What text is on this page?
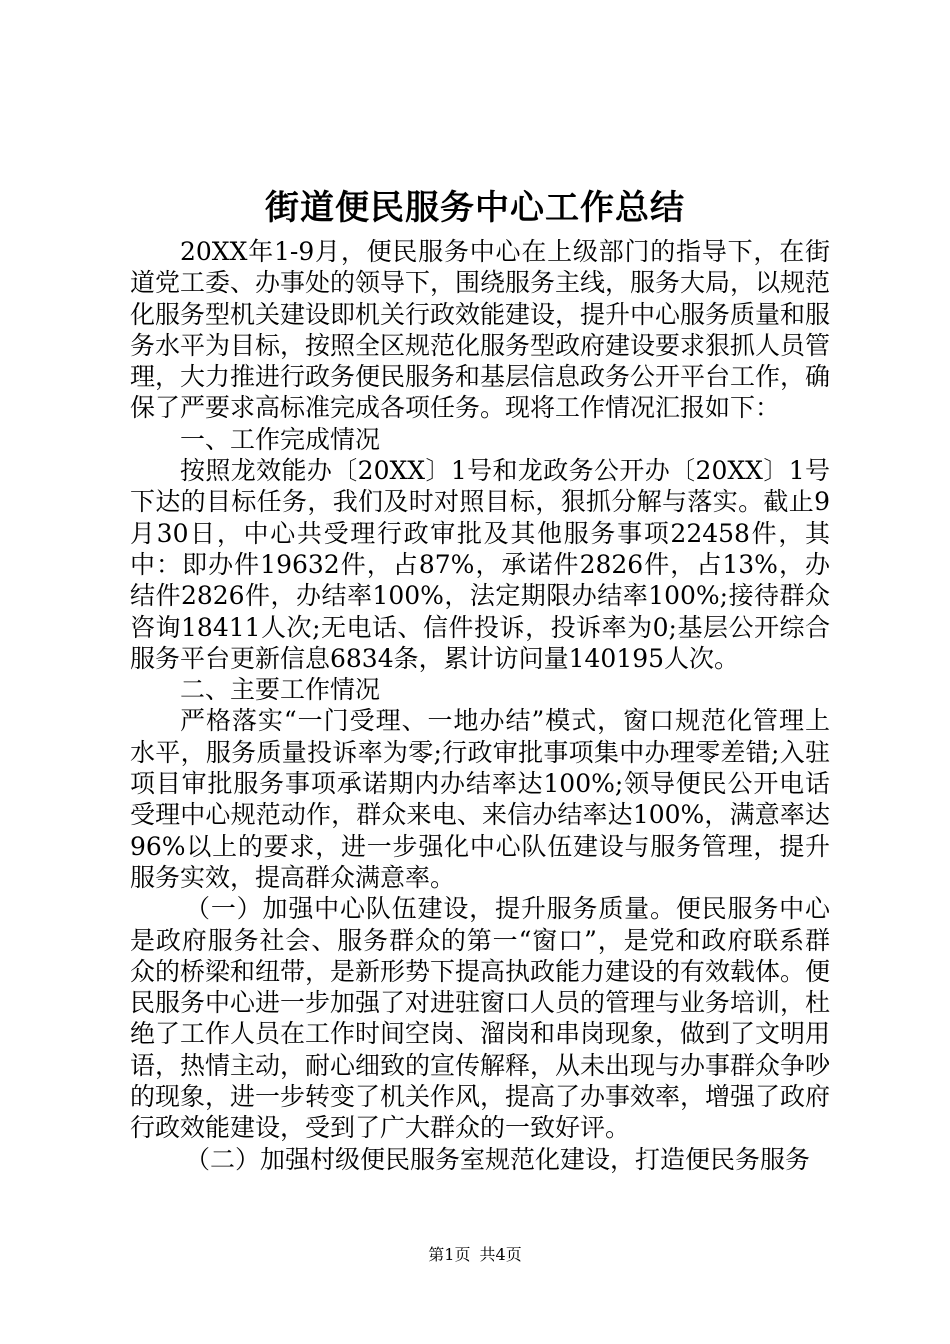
街道便民服务中心工作总结

20XX年1-9月，便民服务中心在上级部门的指导下，在街道党工委、办事处的领导下，围绕服务主线，服务大局，以规范化服务型机关建设即机关行政效能建设，提升中心服务质量和服务水平为目标，按照全区规范化服务型政府建设要求狠抓人员管理，大力推进行政务便民服务和基层信息政务公开平台工作，确保了严要求高标准完成各项任务。现将工作情况汇报如下：

一、工作完成情况

按照龙效能办〔20XX〕1号和龙政务公开办〔20XX〕1号下达的目标任务，我们及时对照目标，狠抓分解与落实。截止9月30日，中心共受理行政审批及其他服务事项22458件，其中：即办件19632件，占87%，承诺件2826件，占13%，办结件2826件，办结率100%，法定期限办结率100%;接待群众咨询18411人次;无电话、信件投诉，投诉率为0;基层公开综合服务平台更新信息6834条，累计访问量140195人次。

二、主要工作情况

严格落实“一门受理、一地办结”模式，窗口规范化管理上水平，服务质量投诉率为零;行政审批事项集中办理零差错;入驻项目审批服务事项承诺期内办结率达100%;领导便民公开电话受理中心规范动作，群众来电、来信办结率达100%，满意率达96%以上的要求，进一步强化中心队伍建设与服务管理，提升服务实效，提高群众满意率。

（一）加强中心队伍建设，提升服务质量。便民服务中心是政府服务社会、服务群众的第一“窗口”，是党和政府联系群众的桥梁和纽带，是新形势下提高执政能力建设的有效载体。便民服务中心进一步加强了对进驻窗口人员的管理与业务培训，杜绝了工作人员在工作时间空岗、溜岗和串岗现象，做到了文明用语，热情主动，耐心细致的宣传解释，从未出现与办事群众争吵的现象，进一步转变了机关作风，提高了办事效率，增强了政府行政效能建设，受到了广大群众的一致好评。

（二）加强村级便民服务室规范化建设，打造便民务服务

第1页 共4页
